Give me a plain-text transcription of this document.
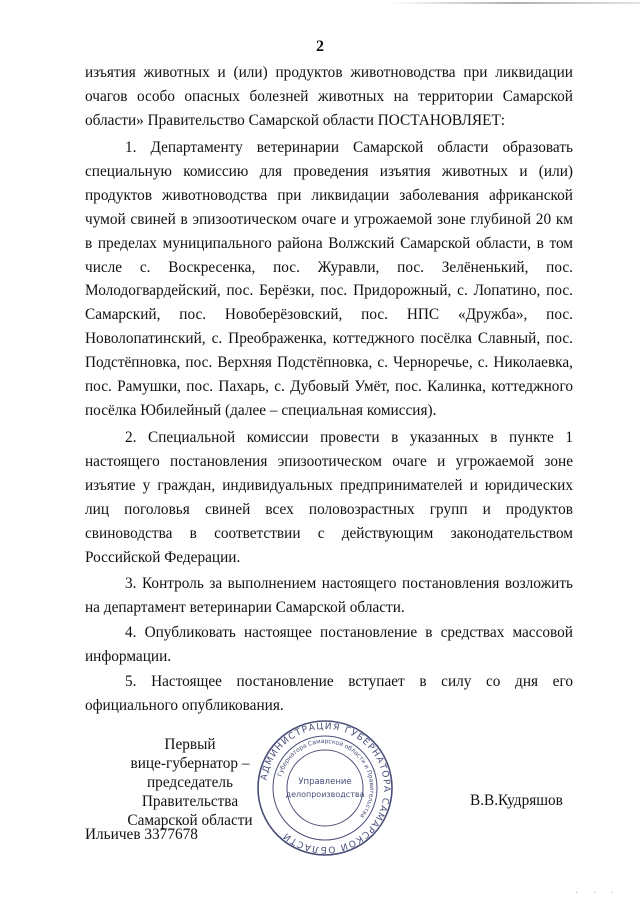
2

изъятия животных и (или) продуктов животноводства при ликвидации очагов особо опасных болезней животных на территории Самарской области» Правительство Самарской области ПОСТАНОВЛЯЕТ:

1. Департаменту ветеринарии Самарской области образовать специальную комиссию для проведения изъятия животных и (или) продуктов животноводства при ликвидации заболевания африканской чумой свиней в эпизоотическом очаге и угрожаемой зоне глубиной 20 км в пределах муниципального района Волжский Самарской области, в том числе с. Воскресенка, пос. Журавли, пос. Зелёненький, пос. Молодогвардейский, пос. Берёзки, пос. Придорожный, с. Лопатино, пос. Самарский, пос. Новоберёзовский, пос. НПС «Дружба», пос. Новолопатинский, с. Преображенка, коттеджного посёлка Славный, пос. Подстёпновка, пос. Верхняя Подстёпновка, с. Черноречье, с. Николаевка, пос. Рамушки, пос. Пахарь, с. Дубовый Умёт, пос. Калинка, коттеджного посёлка Юбилейный (далее – специальная комиссия).

2. Специальной комиссии провести в указанных в пункте 1 настоящего постановления эпизоотическом очаге и угрожаемой зоне изъятие у граждан, индивидуальных предпринимателей и юридических лиц поголовья свиней всех половозрастных групп и продуктов свиноводства в соответствии с действующим законодательством Российской Федерации.

3. Контроль за выполнением настоящего постановления возложить на департамент ветеринарии Самарской области.

4. Опубликовать настоящее постановление в средствах массовой информации.

5. Настоящее постановление вступает в силу со дня его официального опубликования.

Первый
вице-губернатор –
председатель Правительства
Самарской области
АДМИНИСТРАЦИЯ ГУБЕРНАТОРА САМАРСКОЙ ОБЛАСТИ
Губернатора Самарской области и Правительства
Управление
делопроизводства	В.В.Кудряшов
Ильичев 3377678
· · ·
